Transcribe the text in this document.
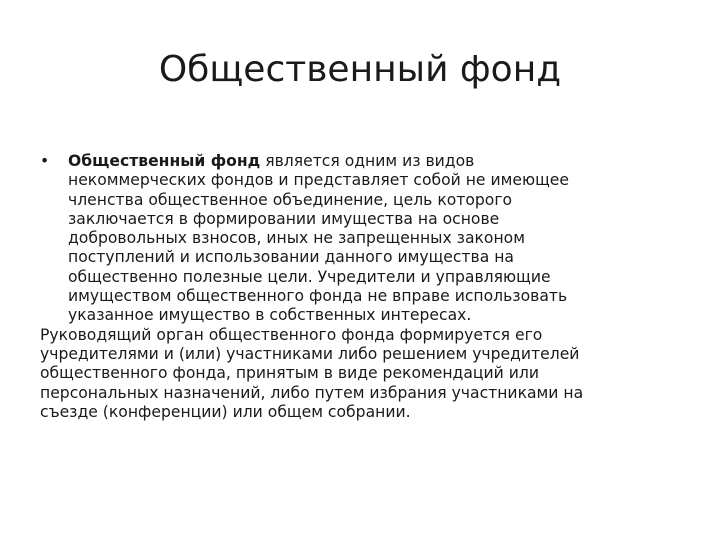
Общественный фонд
• Общественный фонд является одним из видов
некоммерческих фондов и представляет собой не имеющее
членства общественное объединение, цель которого
заключается в формировании имущества на основе
добровольных взносов, иных не запрещенных законом
поступлений и использовании данного имущества на
общественно полезные цели. Учредители и управляющие
имуществом общественного фонда не вправе использовать
указанное имущество в собственных интересах.
Руководящий орган общественного фонда формируется его
учредителями и (или) участниками либо решением учредителей
общественного фонда, принятым в виде рекомендаций или
персональных назначений, либо путем избрания участниками на
съезде (конференции) или общем собрании.
